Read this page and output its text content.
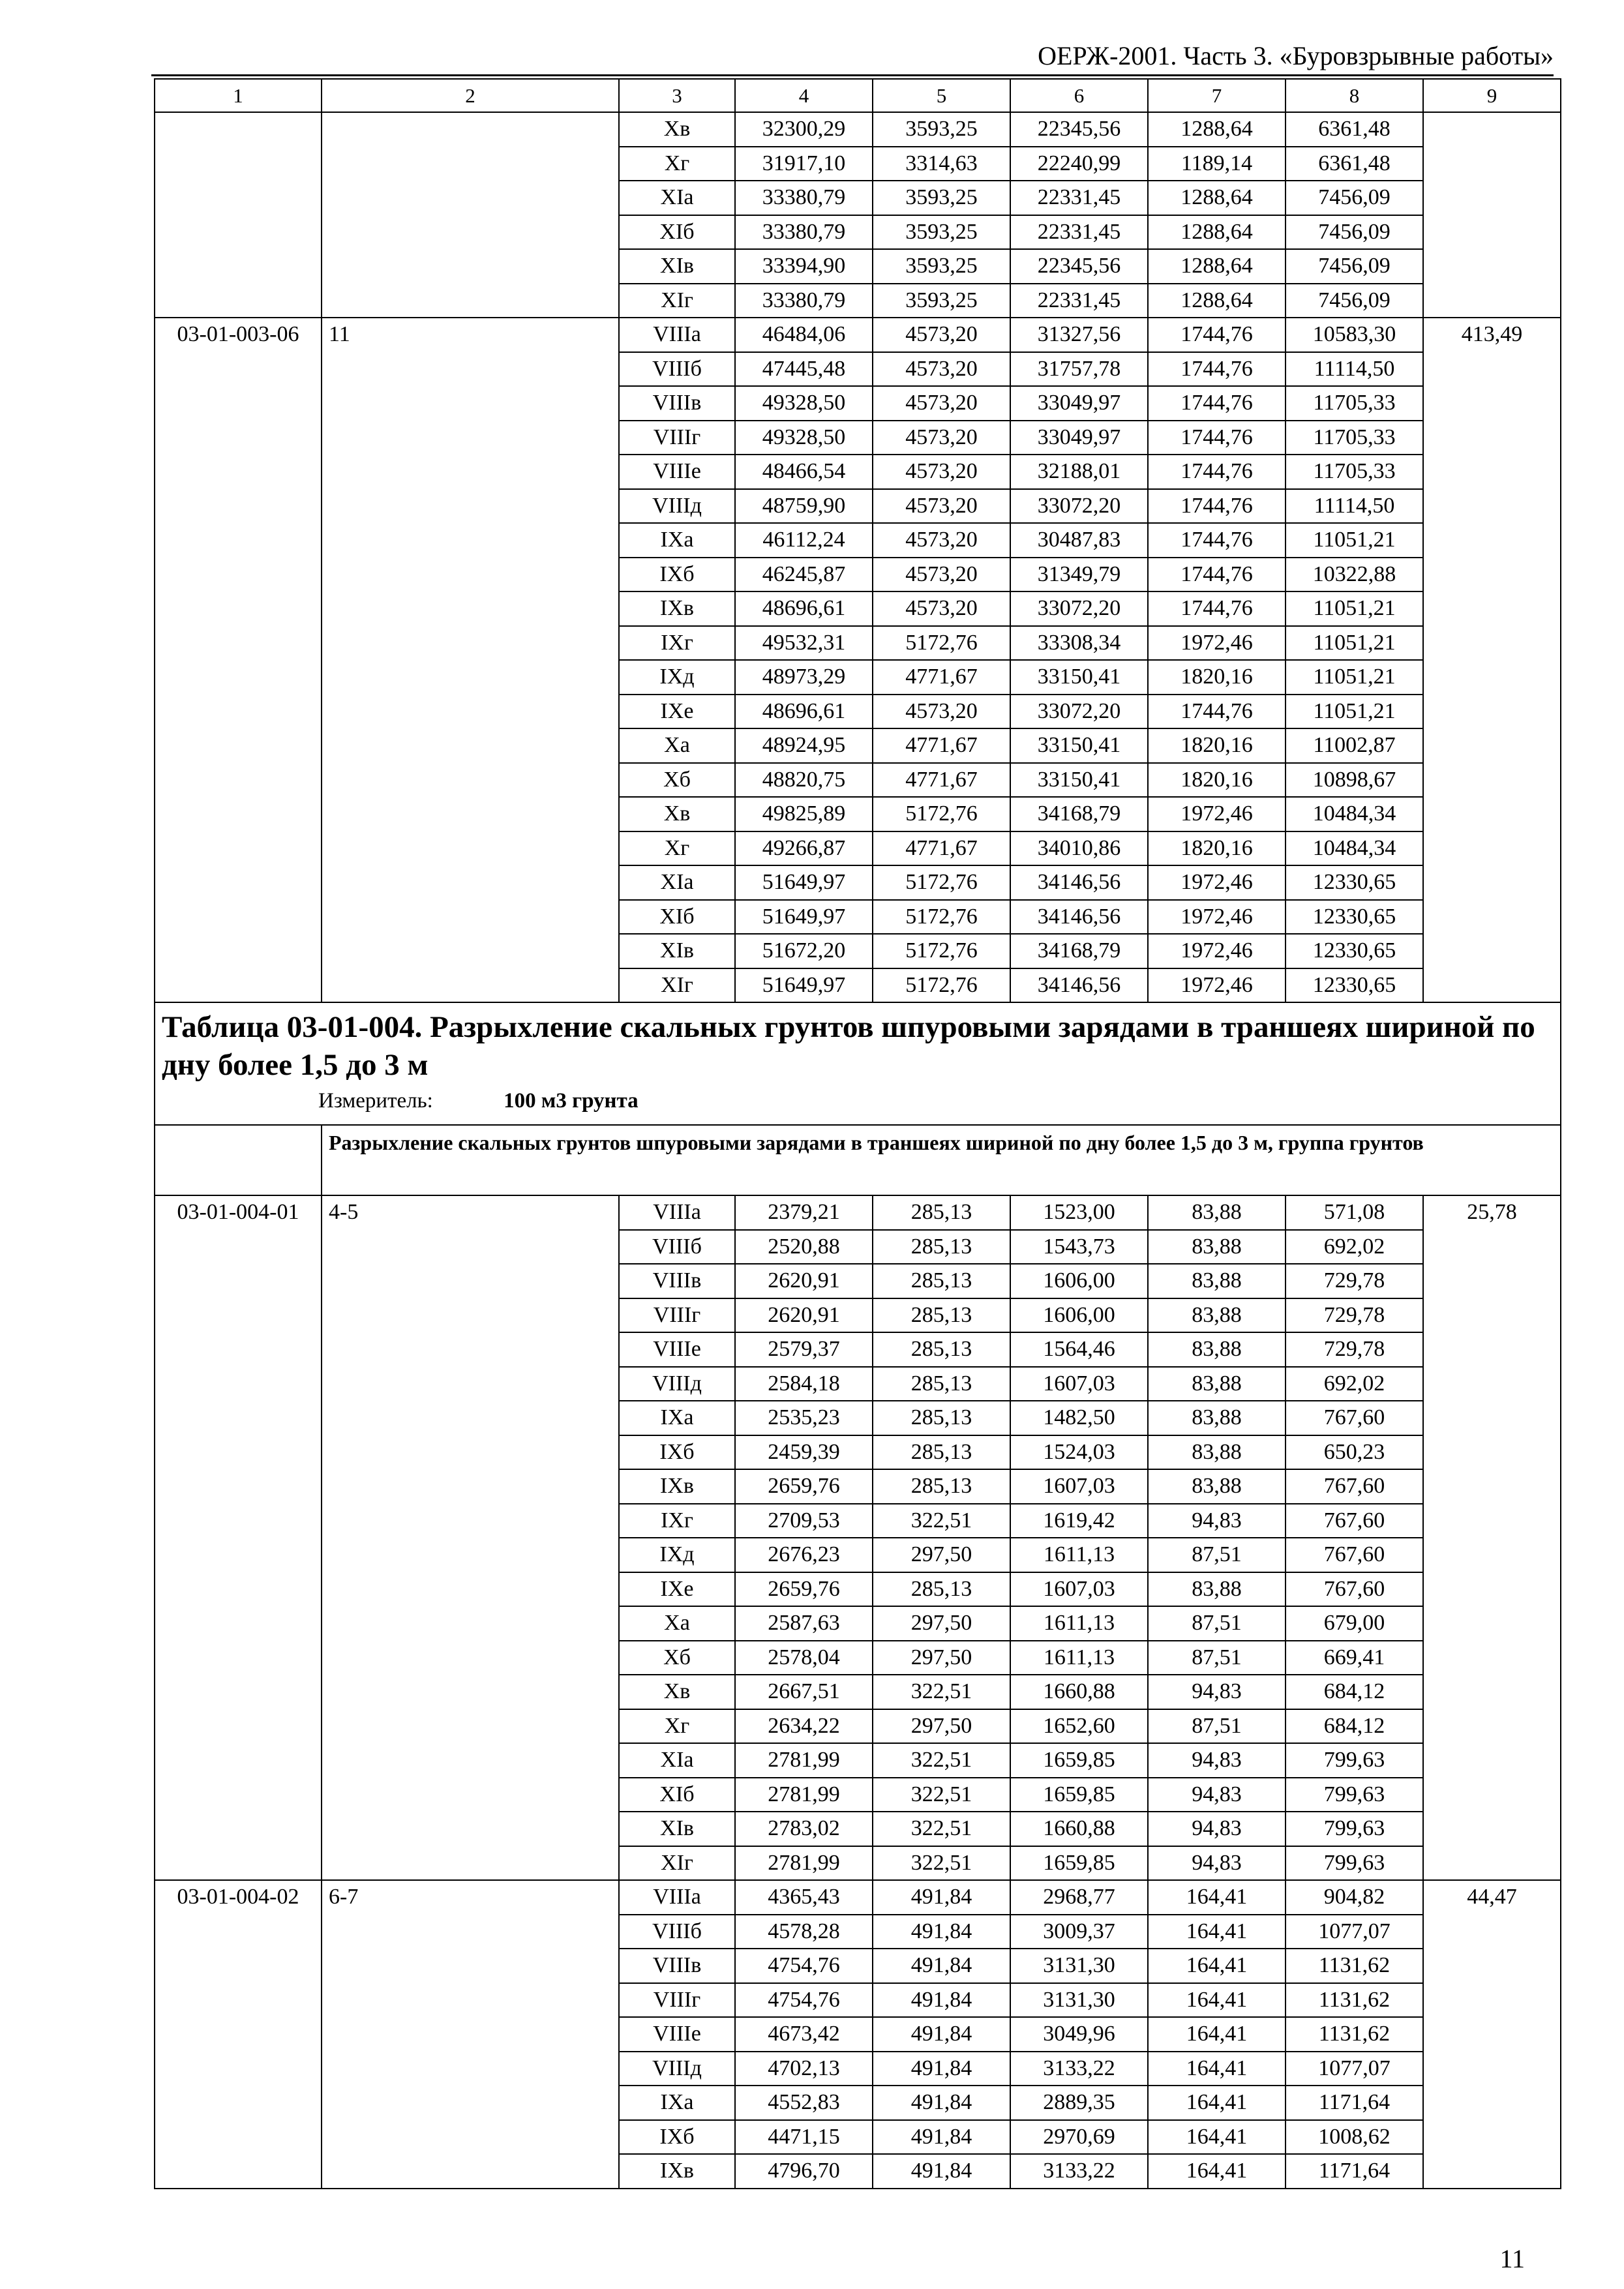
ОЕРЖ-2001. Часть 3. «Буровзрывные работы»
1	2	3	4	5	6	7	8	9
		Xв	32300,29	3593,25	22345,56	1288,64	6361,48	
		Xг	31917,10	3314,63	22240,99	1189,14	6361,48	
		XIа	33380,79	3593,25	22331,45	1288,64	7456,09	
		XIб	33380,79	3593,25	22331,45	1288,64	7456,09	
		XIв	33394,90	3593,25	22345,56	1288,64	7456,09	
		XIг	33380,79	3593,25	22331,45	1288,64	7456,09	
03-01-003-06	11	VIIIа	46484,06	4573,20	31327,56	1744,76	10583,30	413,49
		VIIIб	47445,48	4573,20	31757,78	1744,76	11114,50	
		VIIIв	49328,50	4573,20	33049,97	1744,76	11705,33	
		VIIIг	49328,50	4573,20	33049,97	1744,76	11705,33	
		VIIIе	48466,54	4573,20	32188,01	1744,76	11705,33	
		VIIIд	48759,90	4573,20	33072,20	1744,76	11114,50	
		IXа	46112,24	4573,20	30487,83	1744,76	11051,21	
		IXб	46245,87	4573,20	31349,79	1744,76	10322,88	
		IXв	48696,61	4573,20	33072,20	1744,76	11051,21	
		IXг	49532,31	5172,76	33308,34	1972,46	11051,21	
		IXд	48973,29	4771,67	33150,41	1820,16	11051,21	
		IXе	48696,61	4573,20	33072,20	1744,76	11051,21	
		Xа	48924,95	4771,67	33150,41	1820,16	11002,87	
		Xб	48820,75	4771,67	33150,41	1820,16	10898,67	
		Xв	49825,89	5172,76	34168,79	1972,46	10484,34	
		Xг	49266,87	4771,67	34010,86	1820,16	10484,34	
		XIа	51649,97	5172,76	34146,56	1972,46	12330,65	
		XIб	51649,97	5172,76	34146,56	1972,46	12330,65	
		XIв	51672,20	5172,76	34168,79	1972,46	12330,65	
		XIг	51649,97	5172,76	34146,56	1972,46	12330,65	

Таблица 03-01-004. Разрыхление скальных грунтов шпуровыми зарядами в траншеях шириной по дну более 1,5 до 3 м
Измеритель: 100 м3 грунта								

	Разрыхление скальных грунтов шпуровыми зарядами в траншеях шириной по дну более 1,5 до 3 м, группа грунтов							
03-01-004-01	4-5	VIIIа	2379,21	285,13	1523,00	83,88	571,08	25,78
		VIIIб	2520,88	285,13	1543,73	83,88	692,02	
		VIIIв	2620,91	285,13	1606,00	83,88	729,78	
		VIIIг	2620,91	285,13	1606,00	83,88	729,78	
		VIIIе	2579,37	285,13	1564,46	83,88	729,78	
		VIIIд	2584,18	285,13	1607,03	83,88	692,02	
		IXа	2535,23	285,13	1482,50	83,88	767,60	
		IXб	2459,39	285,13	1524,03	83,88	650,23	
		IXв	2659,76	285,13	1607,03	83,88	767,60	
		IXг	2709,53	322,51	1619,42	94,83	767,60	
		IXд	2676,23	297,50	1611,13	87,51	767,60	
		IXе	2659,76	285,13	1607,03	83,88	767,60	
		Xа	2587,63	297,50	1611,13	87,51	679,00	
		Xб	2578,04	297,50	1611,13	87,51	669,41	
		Xв	2667,51	322,51	1660,88	94,83	684,12	
		Xг	2634,22	297,50	1652,60	87,51	684,12	
		XIа	2781,99	322,51	1659,85	94,83	799,63	
		XIб	2781,99	322,51	1659,85	94,83	799,63	
		XIв	2783,02	322,51	1660,88	94,83	799,63	
		XIг	2781,99	322,51	1659,85	94,83	799,63	
03-01-004-02	6-7	VIIIа	4365,43	491,84	2968,77	164,41	904,82	44,47
		VIIIб	4578,28	491,84	3009,37	164,41	1077,07	
		VIIIв	4754,76	491,84	3131,30	164,41	1131,62	
		VIIIг	4754,76	491,84	3131,30	164,41	1131,62	
		VIIIе	4673,42	491,84	3049,96	164,41	1131,62	
		VIIIд	4702,13	491,84	3133,22	164,41	1077,07	
		IXа	4552,83	491,84	2889,35	164,41	1171,64	
		IXб	4471,15	491,84	2970,69	164,41	1008,62	
		IXв	4796,70	491,84	3133,22	164,41	1171,64	
11
